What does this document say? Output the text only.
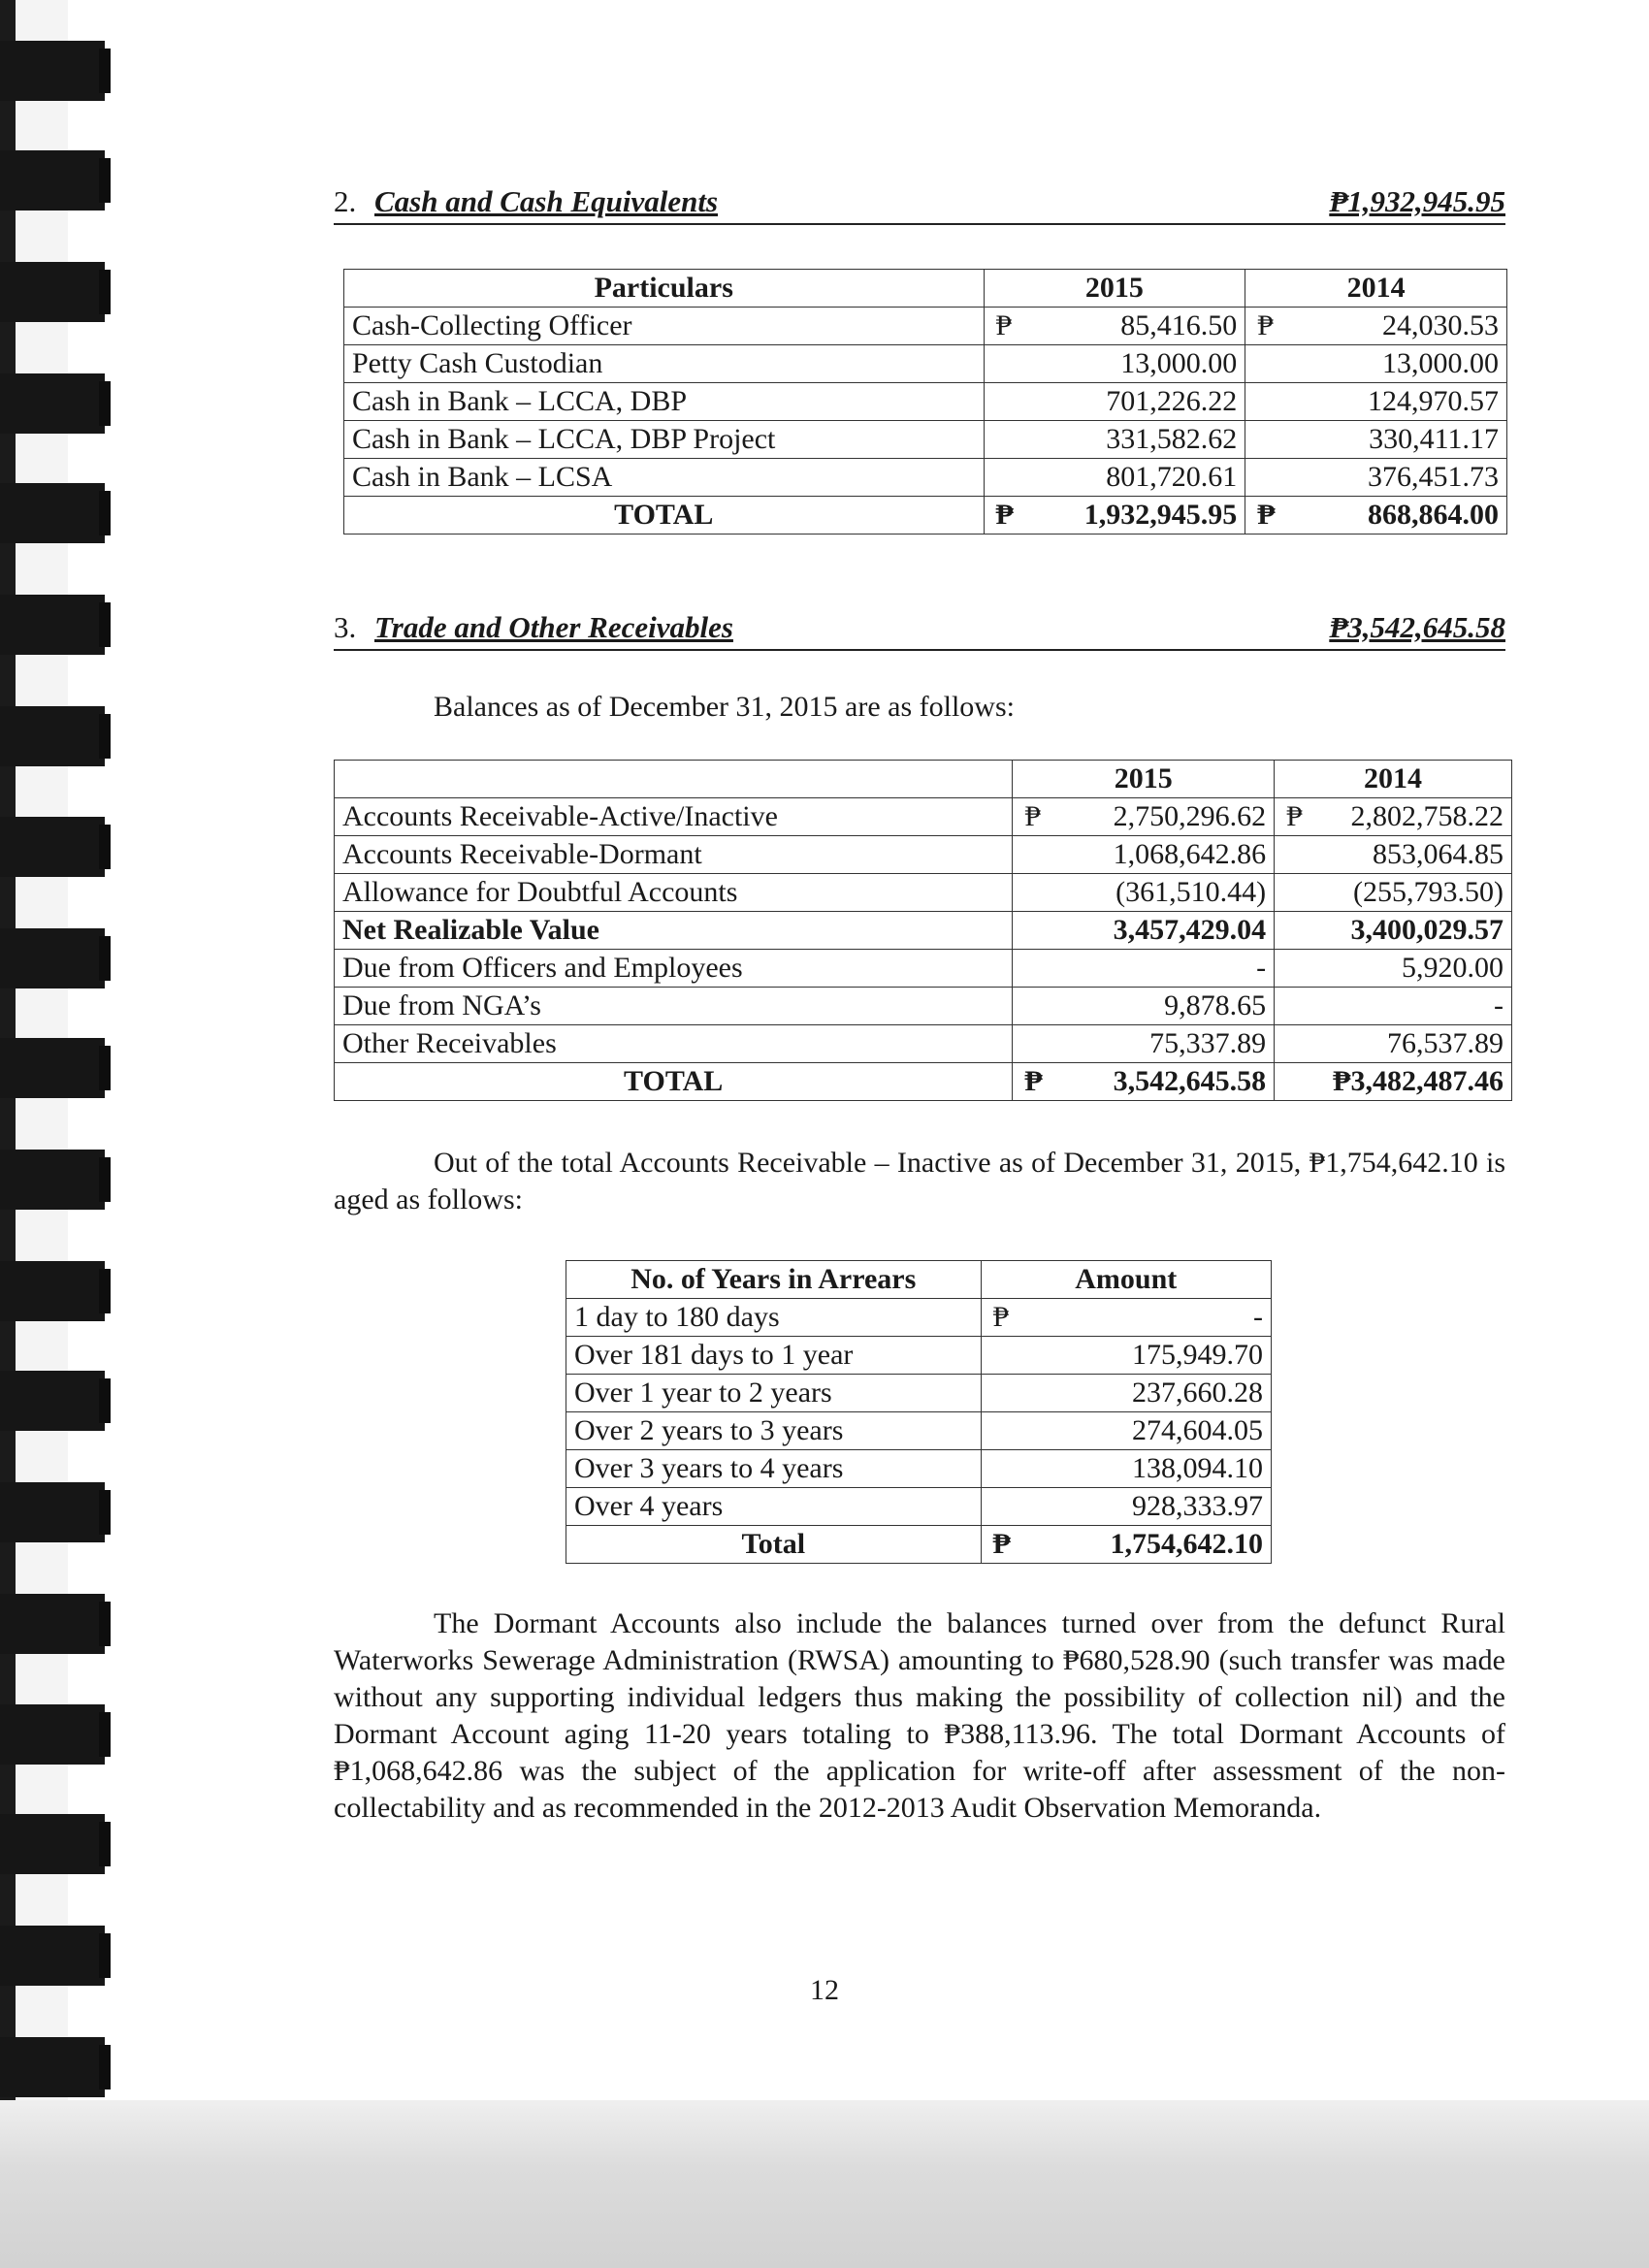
2. Cash and Cash Equivalents	₱1,932,945.95
Particulars	2015	2014
Cash-Collecting Officer	₱ 85,416.50	₱ 24,030.53
Petty Cash Custodian	13,000.00	13,000.00
Cash in Bank – LCCA, DBP	701,226.22	124,970.57
Cash in Bank – LCCA, DBP Project	331,582.62	330,411.17
Cash in Bank – LCSA	801,720.61	376,451.73
TOTAL	₱ 1,932,945.95	₱ 868,864.00
3. Trade and Other Receivables	₱3,542,645.58
Balances as of December 31, 2015 are as follows:
	2015	2014
Accounts Receivable-Active/Inactive	₱ 2,750,296.62	₱ 2,802,758.22
Accounts Receivable-Dormant	1,068,642.86	853,064.85
Allowance for Doubtful Accounts	(361,510.44)	(255,793.50)
Net Realizable Value	3,457,429.04	3,400,029.57
Due from Officers and Employees	-	5,920.00
Due from NGA’s	9,878.65	-
Other Receivables	75,337.89	76,537.89
TOTAL	₱ 3,542,645.58	₱3,482,487.46
Out of the total Accounts Receivable – Inactive as of December 31, 2015, ₱1,754,642.10 is aged as follows:
No. of Years in Arrears	Amount
1 day to 180 days	₱ -
Over 181 days to 1 year	175,949.70
Over 1 year to 2 years	237,660.28
Over 2 years to 3 years	274,604.05
Over 3 years to 4 years	138,094.10
Over 4 years	928,333.97
Total	₱ 1,754,642.10
The Dormant Accounts also include the balances turned over from the defunct Rural Waterworks Sewerage Administration (RWSA) amounting to ₱680,528.90 (such transfer was made without any supporting individual ledgers thus making the possibility of collection nil) and the Dormant Account aging 11-20 years totaling to ₱388,113.96. The total Dormant Accounts of ₱1,068,642.86 was the subject of the application for write-off after assessment of the non-collectability and as recommended in the 2012-2013 Audit Observation Memoranda.
12
